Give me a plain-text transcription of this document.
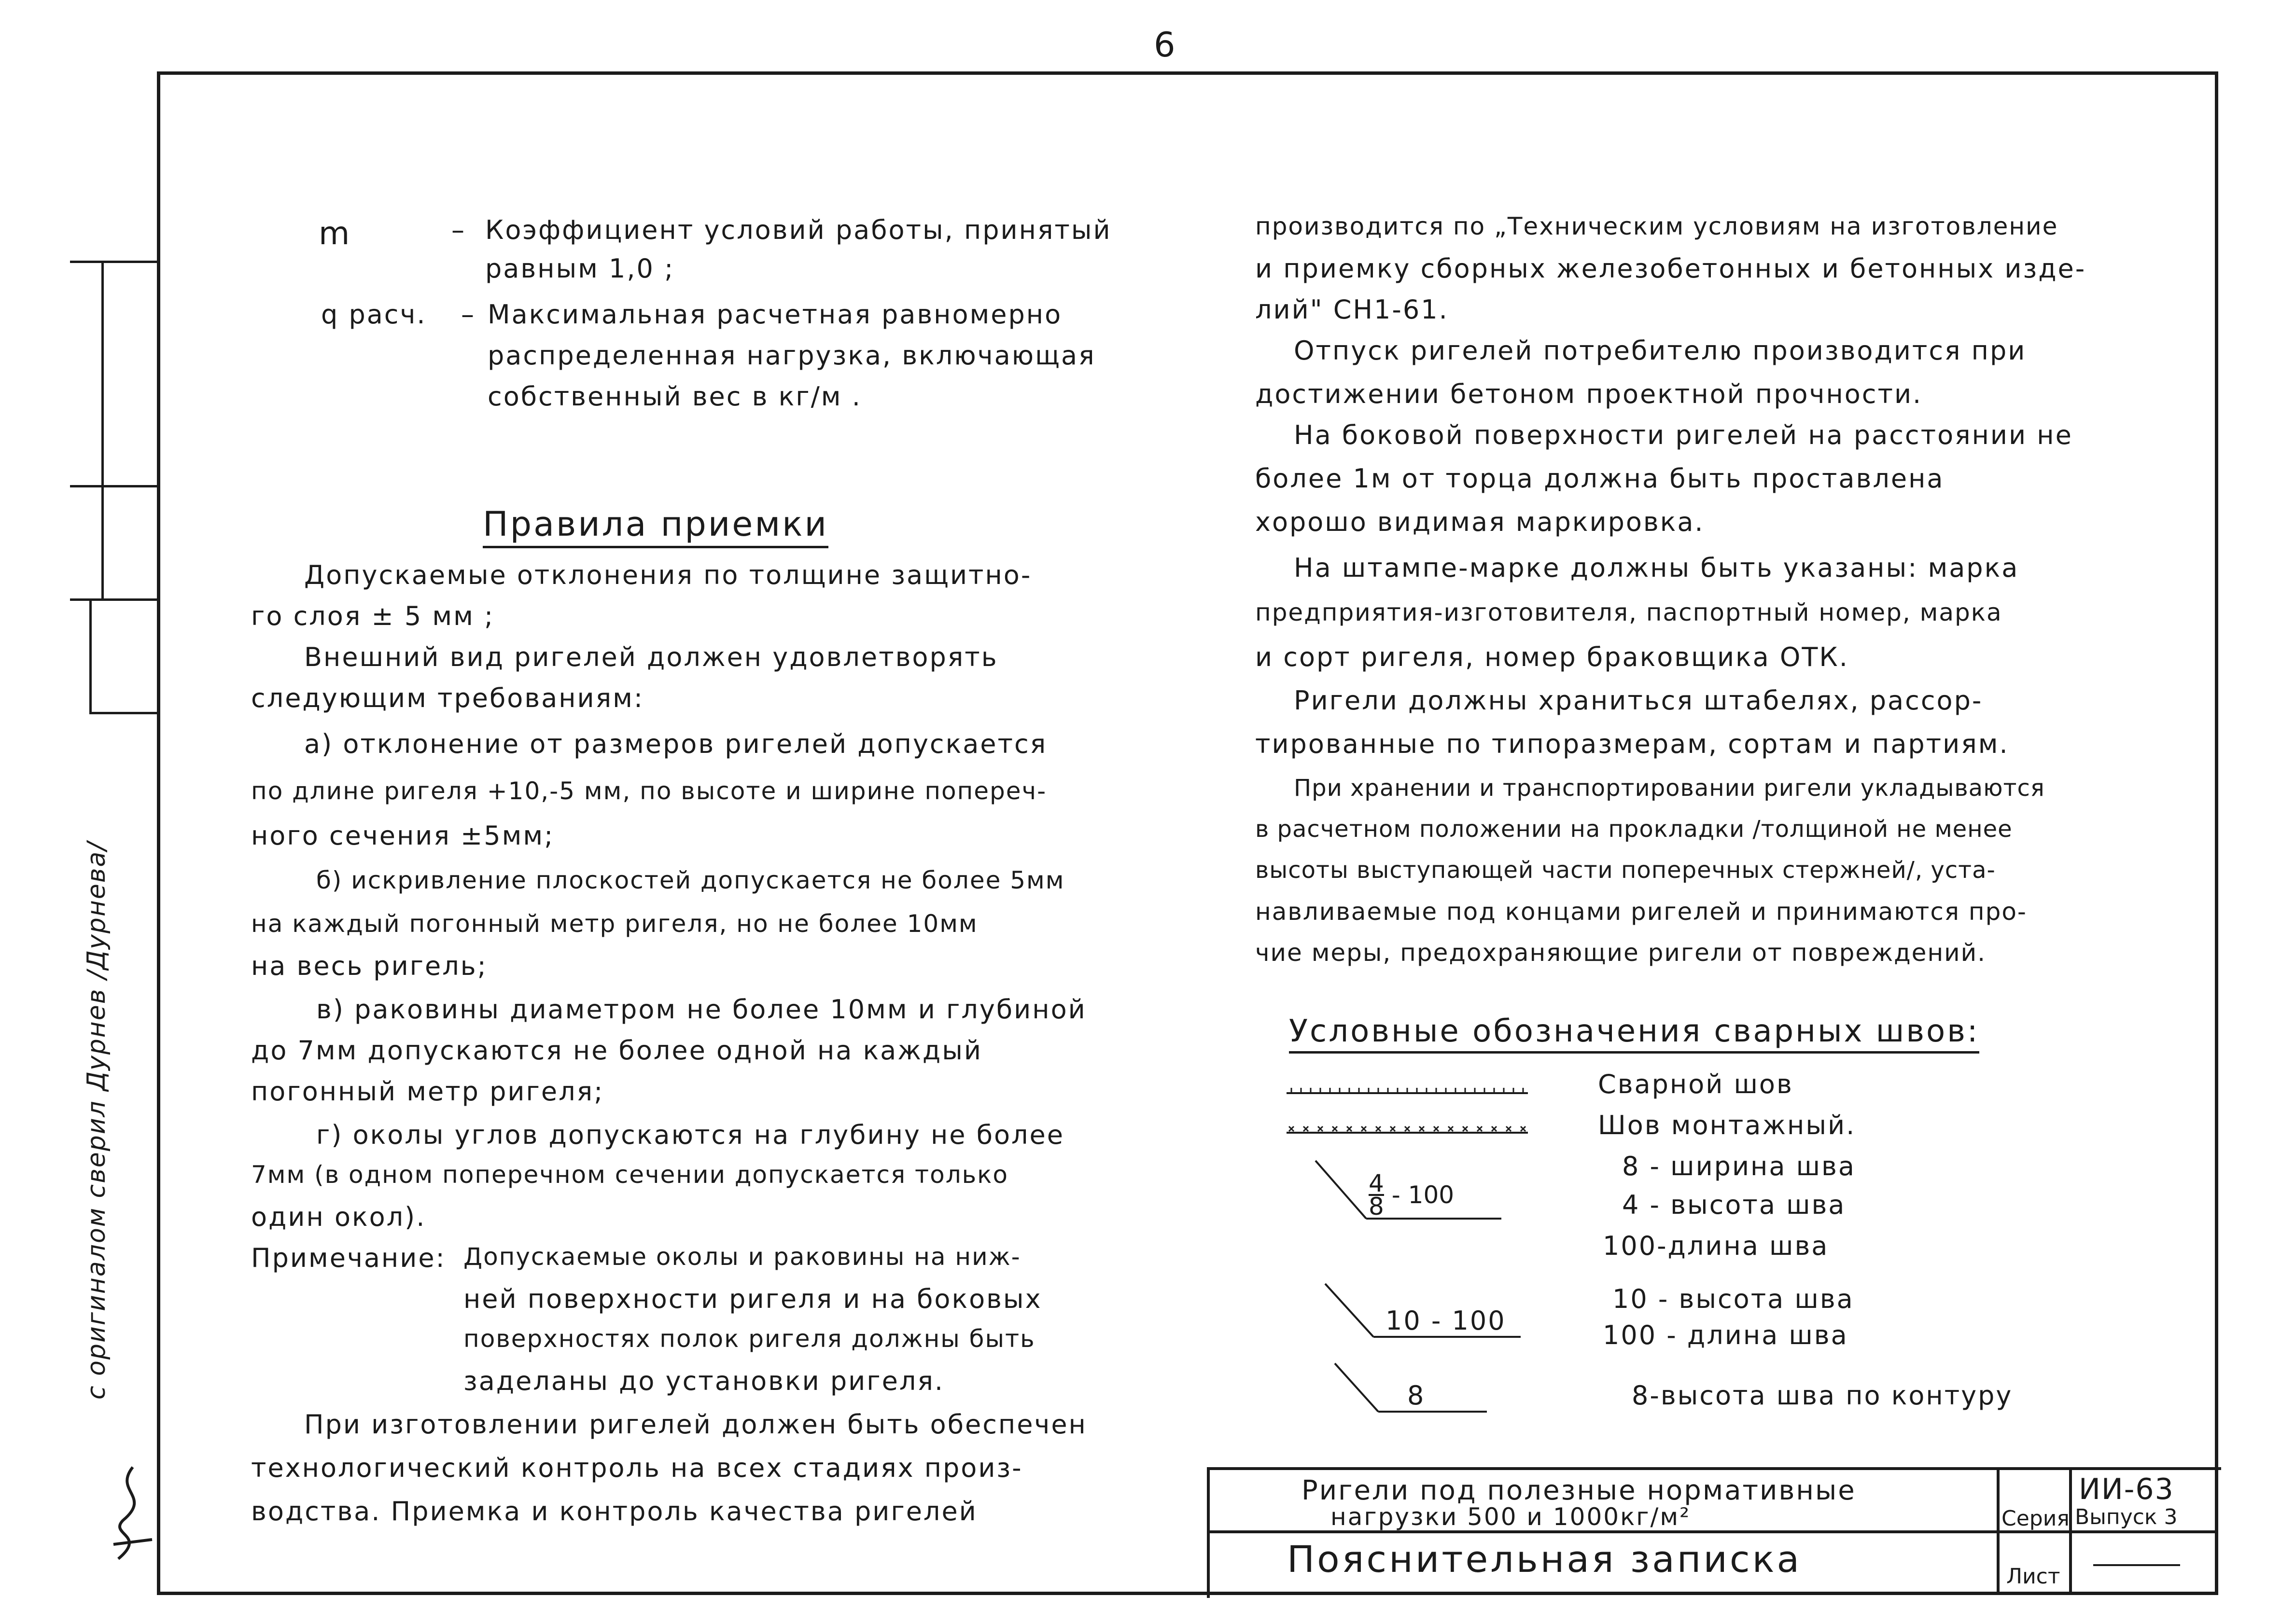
6
с оригиналом сверил Дурнев /Дурнева/
m	– Коэффициент условий работы, принятый
равным 1,0 ;
q расч. – Максимальная расчетная равномерно
распределенная нагрузка, включающая
собственный вес в кг/м .
Правила приемки
Допускаемые отклонения по толщине защитно-
го слоя ± 5 мм ;
Внешний вид ригелей должен удовлетворять
следующим требованиям:
а) отклонение от размеров ригелей допускается
по длине ригеля +10,-5 мм, по высоте и ширине попереч-
ного сечения ±5мм;
б) искривление плоскостей допускается не более 5мм
на каждый погонный метр ригеля, но не более 10мм
на весь ригель;
в) раковины диаметром не более 10мм и глубиной
до 7мм допускаются не более одной на каждый
погонный метр ригеля;
г) околы углов допускаются на глубину не более
7мм (в одном поперечном сечении допускается только
один окол).
Примечание: Допускаемые околы и раковины на ниж-
ней поверхности ригеля и на боковых
поверхностях полок ригеля должны быть
заделаны до установки ригеля.
При изготовлении ригелей должен быть обеспечен
технологический контроль на всех стадиях произ-
водства. Приемка и контроль качества ригелей
производится по „Техническим условиям на изготовление
и приемку сборных железобетонных и бетонных изде-
лий" СН1-61.
Отпуск ригелей потребителю производится при
достижении бетоном проектной прочности.
На боковой поверхности ригелей на расстоянии не
более 1м от торца должна быть проставлена
хорошо видимая маркировка.
На штампе-марке должны быть указаны: марка
предприятия-изготовителя, паспортный номер, марка
и сорт ригеля, номер браковщика ОТК.
Ригели должны храниться штабелях, рассор-
тированные по типоразмерам, сортам и партиям.
При хранении и транспортировании ригели укладываются
в расчетном положении на прокладки /толщиной не менее
высоты выступающей части поперечных стержней/, уста-
навливаемые под концами ригелей и принимаются про-
чие меры, предохраняющие ригели от повреждений.
Условные обозначения сварных швов:
Сварной шов
Шов монтажный.
$\frac{4}{8} - 100$
8 - ширина шва
4 - высота шва
100-длина шва
10 - 100
10 - высота шва
100 - длина шва
8	8-высота шва по контуру
Ригели под полезные нормативные
нагрузки 500 и 1000кг/м²	Серия
ИИ-63
Выпуск 3
Пояснительная записка	Лист
